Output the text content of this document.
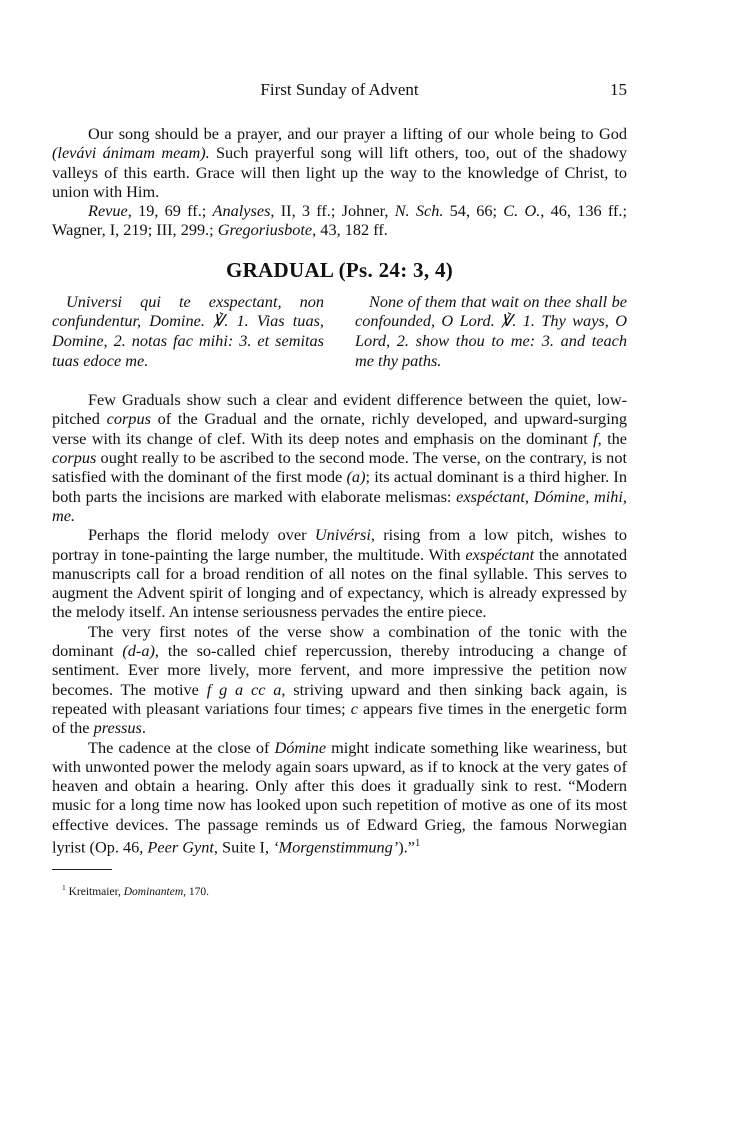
First Sunday of Advent	15

Our song should be a prayer, and our prayer a lifting of our whole being to God (levávi ánimam meam). Such prayerful song will lift others, too, out of the shadowy valleys of this earth. Grace will then light up the way to the knowledge of Christ, to union with Him.

Revue, 19, 69 ff.; Analyses, II, 3 ff.; Johner, N. Sch. 54, 66; C. O., 46, 136 ff.; Wagner, I, 219; III, 299.; Gregoriusbote, 43, 182 ff.

GRADUAL (Ps. 24: 3, 4)

Universi qui te exspectant, non confundentur, Domine. ℣. 1. Vias tuas, Domine, 2. notas fac mihi: 3. et semitas tuas edoce me.

None of them that wait on thee shall be confounded, O Lord. ℣. 1. Thy ways, O Lord, 2. show thou to me: 3. and teach me thy paths.

Few Graduals show such a clear and evident difference between the quiet, low-pitched corpus of the Gradual and the ornate, richly developed, and upward-surging verse with its change of clef. With its deep notes and emphasis on the dominant f, the corpus ought really to be ascribed to the second mode. The verse, on the contrary, is not satisfied with the dominant of the first mode (a); its actual dominant is a third higher. In both parts the incisions are marked with elaborate melismas: exspéctant, Dómine, mihi, me.

Perhaps the florid melody over Univérsi, rising from a low pitch, wishes to portray in tone-painting the large number, the multitude. With exspéctant the annotated manuscripts call for a broad rendition of all notes on the final syllable. This serves to augment the Advent spirit of longing and of expectancy, which is already expressed by the melody itself. An intense seriousness pervades the entire piece.

The very first notes of the verse show a combination of the tonic with the dominant (d-a), the so-called chief repercussion, thereby introducing a change of sentiment. Ever more lively, more fervent, and more impressive the petition now becomes. The motive f g a cc a, striving upward and then sinking back again, is repeated with pleasant variations four times; c appears five times in the energetic form of the pressus.

The cadence at the close of Dómine might indicate something like weariness, but with unwonted power the melody again soars upward, as if to knock at the very gates of heaven and obtain a hearing. Only after this does it gradually sink to rest. “Modern music for a long time now has looked upon such repetition of motive as one of its most effective devices. The passage reminds us of Edward Grieg, the famous Norwegian lyrist (Op. 46, Peer Gynt, Suite I, ‘Morgenstimmung’).”$^1$

$^1$ Kreitmaier, Dominantem, 170.
